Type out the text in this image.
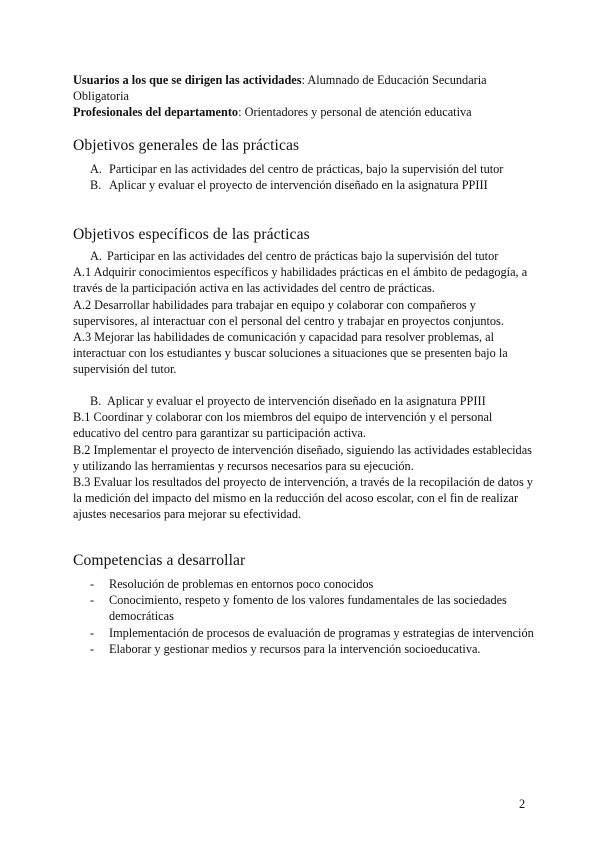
Usuarios a los que se dirigen las actividades: Alumnado de Educación Secundaria Obligatoria
Profesionales del departamento: Orientadores y personal de atención educativa
Objetivos generales de las prácticas
A. Participar en las actividades del centro de prácticas, bajo la supervisión del tutor
B. Aplicar y evaluar el proyecto de intervención diseñado en la asignatura PPIII
Objetivos específicos de las prácticas
A. Participar en las actividades del centro de prácticas bajo la supervisión del tutor

A.1 Adquirir conocimientos específicos y habilidades prácticas en el ámbito de pedagogía, a través de la participación activa en las actividades del centro de prácticas.

A.2 Desarrollar habilidades para trabajar en equipo y colaborar con compañeros y supervisores, al interactuar con el personal del centro y trabajar en proyectos conjuntos.

A.3 Mejorar las habilidades de comunicación y capacidad para resolver problemas, al interactuar con los estudiantes y buscar soluciones a situaciones que se presenten bajo la supervisión del tutor.

B. Aplicar y evaluar el proyecto de intervención diseñado en la asignatura PPIII

B.1 Coordinar y colaborar con los miembros del equipo de intervención y el personal educativo del centro para garantizar su participación activa.

B.2 Implementar el proyecto de intervención diseñado, siguiendo las actividades establecidas y utilizando las herramientas y recursos necesarios para su ejecución.

B.3 Evaluar los resultados del proyecto de intervención, a través de la recopilación de datos y la medición del impacto del mismo en la reducción del acoso escolar, con el fin de realizar ajustes necesarios para mejorar su efectividad.

Competencias a desarrollar
- Resolución de problemas en entornos poco conocidos
- Conocimiento, respeto y fomento de los valores fundamentales de las sociedades democráticas
- Implementación de procesos de evaluación de programas y estrategias de intervención
- Elaborar y gestionar medios y recursos para la intervención socioeducativa.
2
